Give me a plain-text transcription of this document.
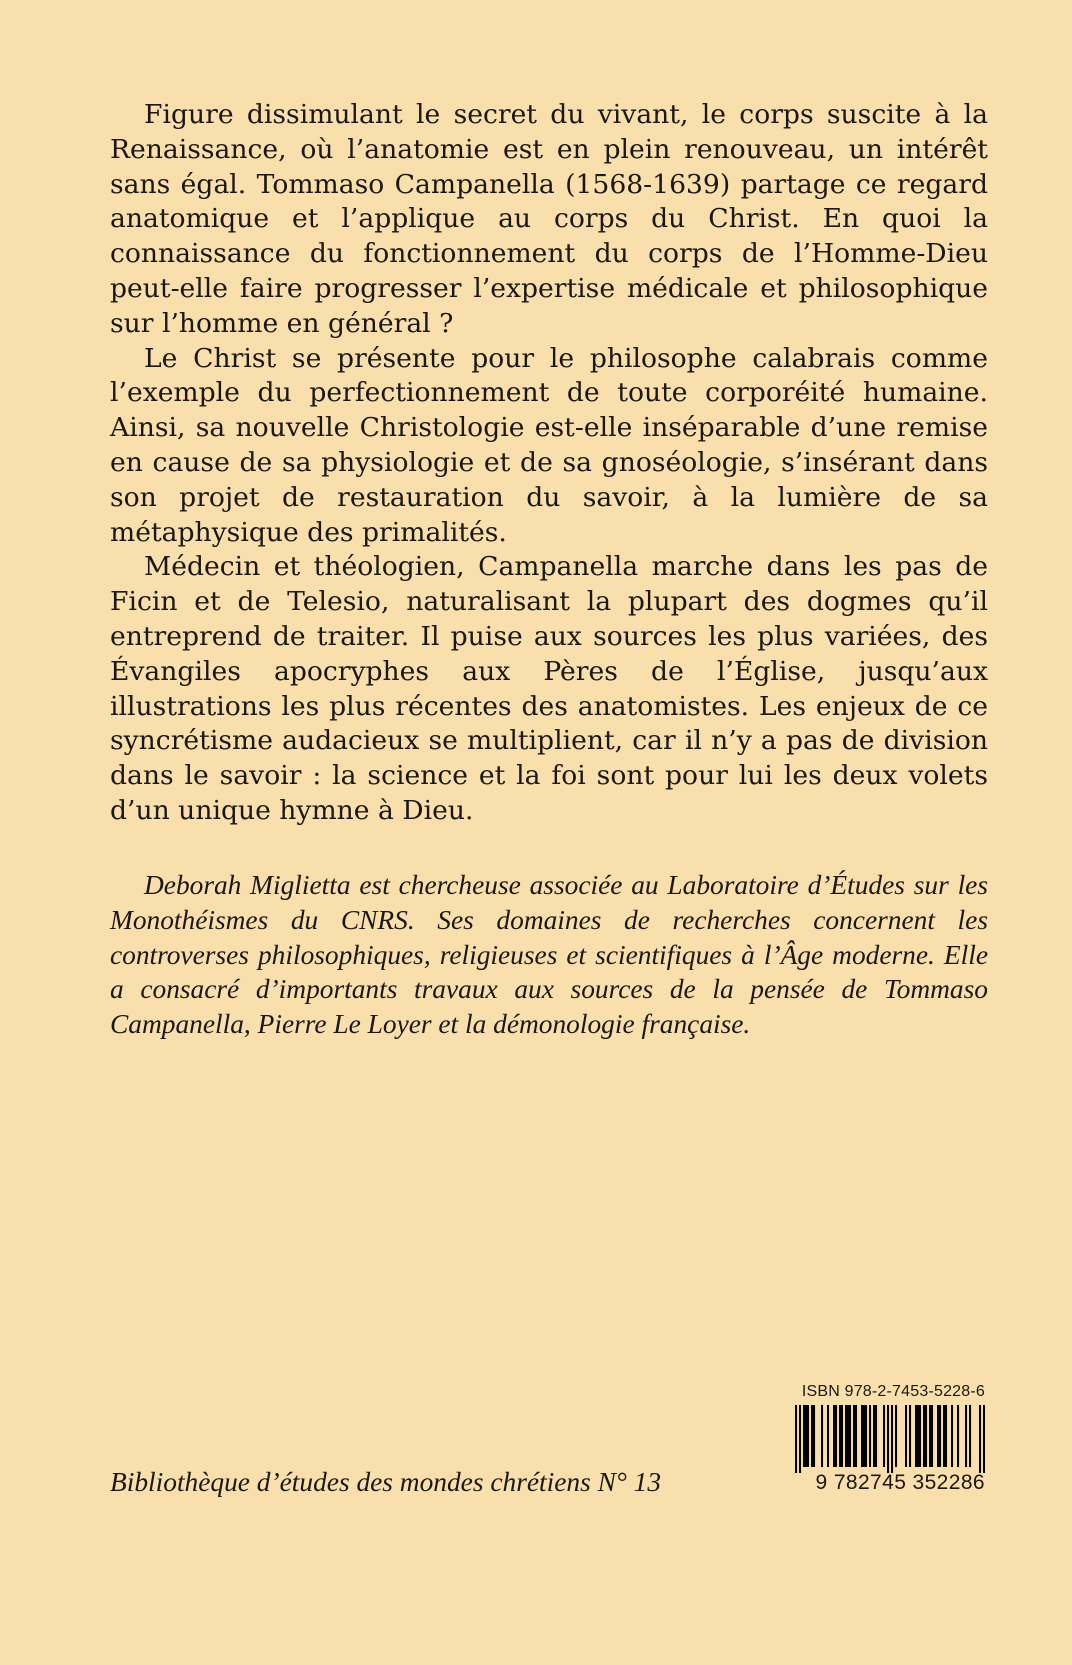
Figure dissimulant le secret du vivant, le corps suscite à la Renaissance, où l’anatomie est en plein renouveau, un intérêt sans égal. Tommaso Campanella (1568-1639) partage ce regard anatomique et l’applique au corps du Christ. En quoi la connaissance du fonctionnement du corps de l’Homme-Dieu peut-elle faire progresser l’expertise médicale et philosophique sur l’homme en général ?

Le Christ se présente pour le philosophe calabrais comme l’exemple du perfectionnement de toute corporéité humaine. Ainsi, sa nouvelle Christologie est-elle inséparable d’une remise en cause de sa physiologie et de sa gnoséologie, s’insérant dans son projet de restauration du savoir, à la lumière de sa métaphysique des primalités.

Médecin et théologien, Campanella marche dans les pas de Ficin et de Telesio, naturalisant la plupart des dogmes qu’il entreprend de traiter. Il puise aux sources les plus variées, des Évangiles apocryphes aux Pères de l’Église, jusqu’aux illustrations les plus récentes des anatomistes. Les enjeux de ce syncrétisme audacieux se multiplient, car il n’y a pas de division dans le savoir : la science et la foi sont pour lui les deux volets d’un unique hymne à Dieu.

Deborah Miglietta est chercheuse associée au Laboratoire d’Études sur les Monothéismes du CNRS. Ses domaines de recherches concernent les controverses philosophiques, religieuses et scientifiques à l’Âge moderne. Elle a consacré d’importants travaux aux sources de la pensée de Tommaso Campanella, Pierre Le Loyer et la démonologie française.

Bibliothèque d’études des mondes chrétiens N° 13
ISBN 978-2-7453-5228-6
9 782745 352286
